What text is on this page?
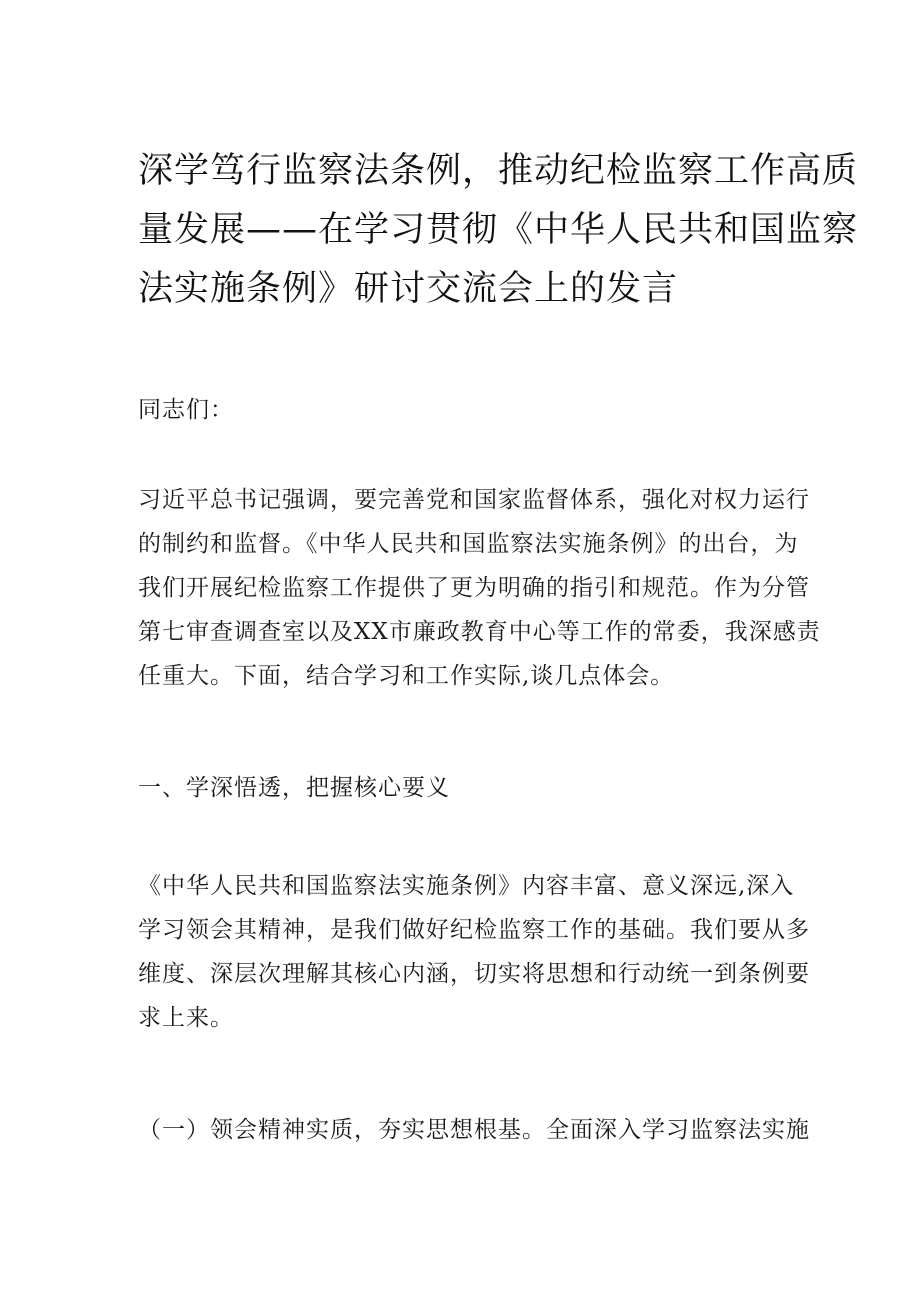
深学笃行监察法条例，推动纪检监察工作高质
量发展——在学习贯彻《中华人民共和国监察
法实施条例》研讨交流会上的发言

同志们：

习近平总书记强调，要完善党和国家监督体系，强化对权力运行
的制约和监督。《中华人民共和国监察法实施条例》的出台，为
我们开展纪检监察工作提供了更为明确的指引和规范。作为分管
第七审查调查室以及XX市廉政教育中心等工作的常委，我深感责
任重大。下面，结合学习和工作实际,谈几点体会。

一、学深悟透，把握核心要义

《中华人民共和国监察法实施条例》内容丰富、意义深远,深入
学习领会其精神，是我们做好纪检监察工作的基础。我们要从多
维度、深层次理解其核心内涵，切实将思想和行动统一到条例要
求上来。

（一）领会精神实质，夯实思想根基。全面深入学习监察法实施
